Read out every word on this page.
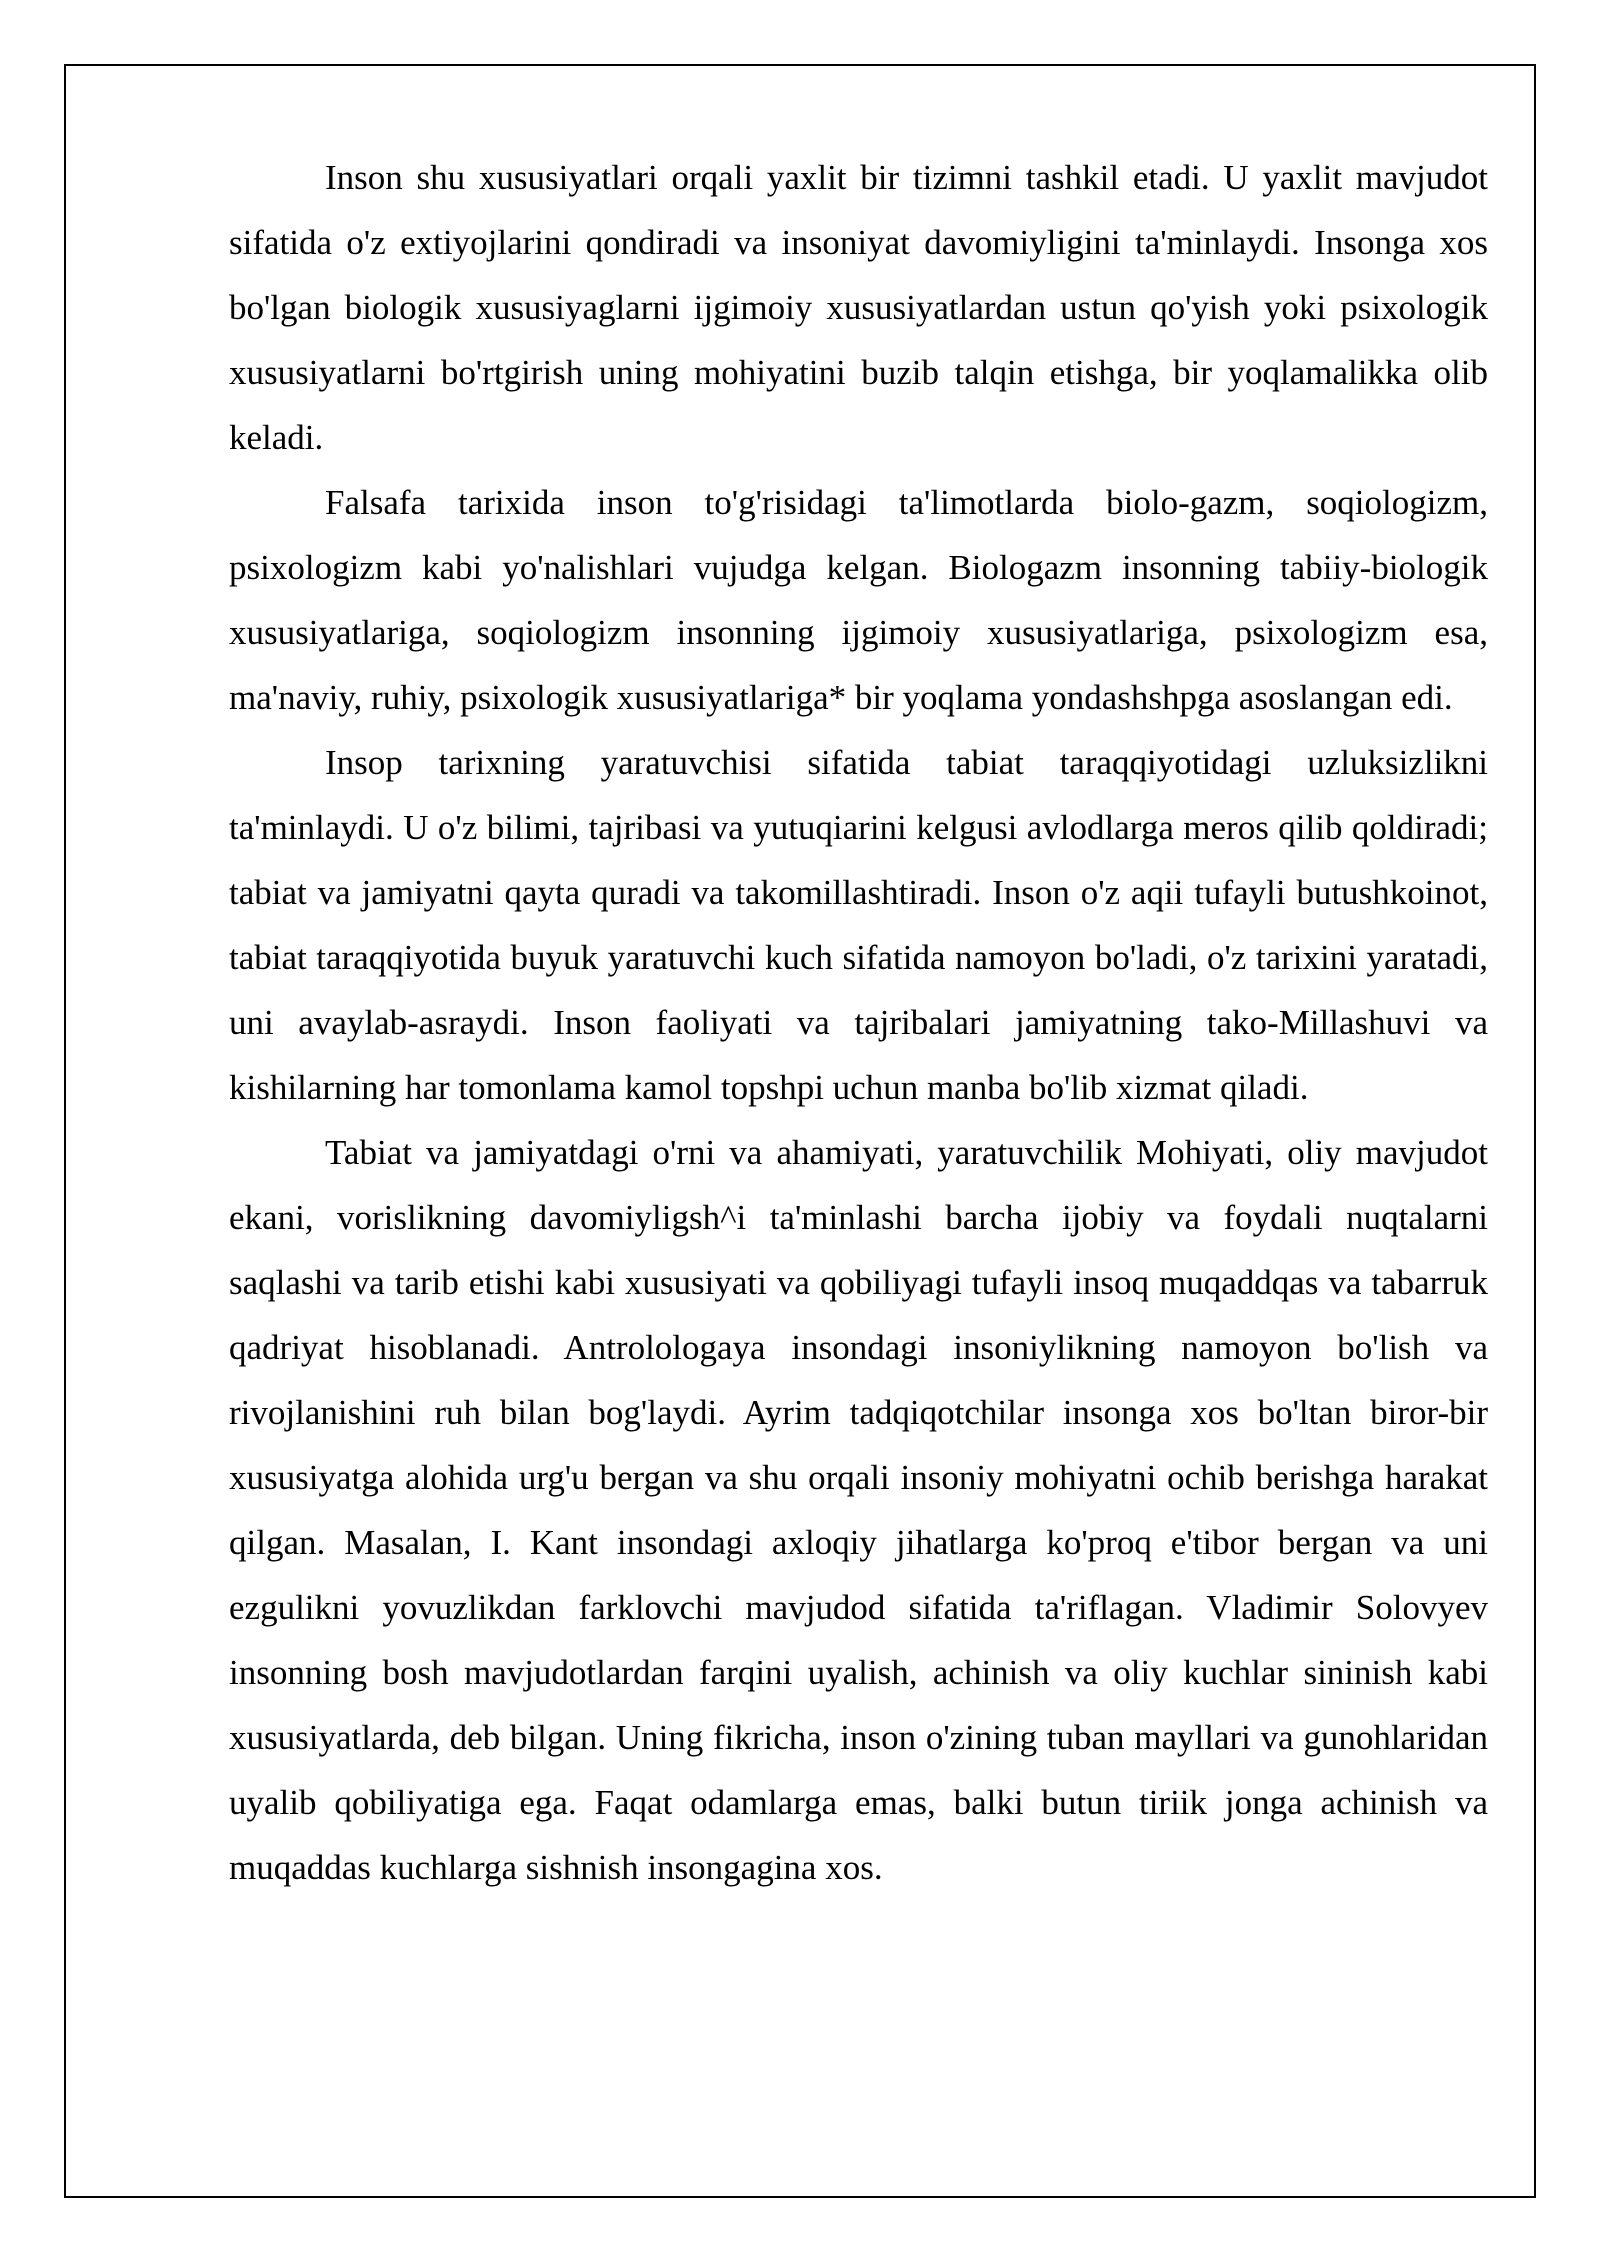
Inson shu xususiyatlari orqali yaxlit bir tizimni tashkil etadi. U yaxlit mavjudot sifatida o'z extiyojlarini qondiradi va insoniyat davomiyligini ta'minlaydi. Insonga xos bo'lgan biologik xususiyaglarni ijgimoiy xususiyatlardan ustun qo'yish yoki psixologik xususiyatlarni bo'rtgirish uning mohiyatini buzib talqin etishga, bir yoqlamalikka olib keladi.

Falsafa tarixida inson to'g'risidagi ta'limotlarda biolo-gazm, soqiologizm, psixologizm kabi yo'nalishlari vujudga kelgan. Biologazm insonning tabiiy-biologik xususiyatlariga, soqiologizm insonning ijgimoiy xususiyatlariga, psixologizm esa, ma'naviy, ruhiy, psixologik xususiyatlariga* bir yoqlama yondashshpga asoslangan edi.

Insop tarixning yaratuvchisi sifatida tabiat taraqqiyotidagi uzluksizlikni ta'minlaydi. U o'z bilimi, tajribasi va yutuqiarini kelgusi avlodlarga meros qilib qoldiradi; tabiat va jamiyatni qayta quradi va takomillashtiradi. Inson o'z aqii tufayli butushkoinot, tabiat taraqqiyotida buyuk yaratuvchi kuch sifatida namoyon bo'ladi, o'z tarixini yaratadi, uni avaylab-asraydi. Inson faoliyati va tajribalari jamiyatning tako-Millashuvi va kishilarning har tomonlama kamol topshpi uchun manba bo'lib xizmat qiladi.

Tabiat va jamiyatdagi o'rni va ahamiyati, yaratuvchilik Mohiyati, oliy mavjudot ekani, vorislikning davomiyligsh^i ta'minlashi barcha ijobiy va foydali nuqtalarni saqlashi va tarib etishi kabi xususiyati va qobiliyagi tufayli insoq muqaddqas va tabarruk qadriyat hisoblanadi. Antrolologaya insondagi insoniylikning namoyon bo'lish va rivojlanishini ruh bilan bog'laydi. Ayrim tadqiqotchilar insonga xos bo'ltan biror-bir xususiyatga alohida urg'u bergan va shu orqali insoniy mohiyatni ochib berishga harakat qilgan. Masalan, I. Kant insondagi axloqiy jihatlarga ko'proq e'tibor bergan va uni ezgulikni yovuzlikdan farklovchi mavjudod sifatida ta'riflagan. Vladimir Solovyev insonning bosh mavjudotlardan farqini uyalish, achinish va oliy kuchlar sininish kabi xususiyatlarda, deb bilgan. Uning fikricha, inson o'zining tuban mayllari va gunohlaridan uyalib qobiliyatiga ega. Faqat odamlarga emas, balki butun tiriik jonga achinish va muqaddas kuchlarga sishnish insongagina xos.
